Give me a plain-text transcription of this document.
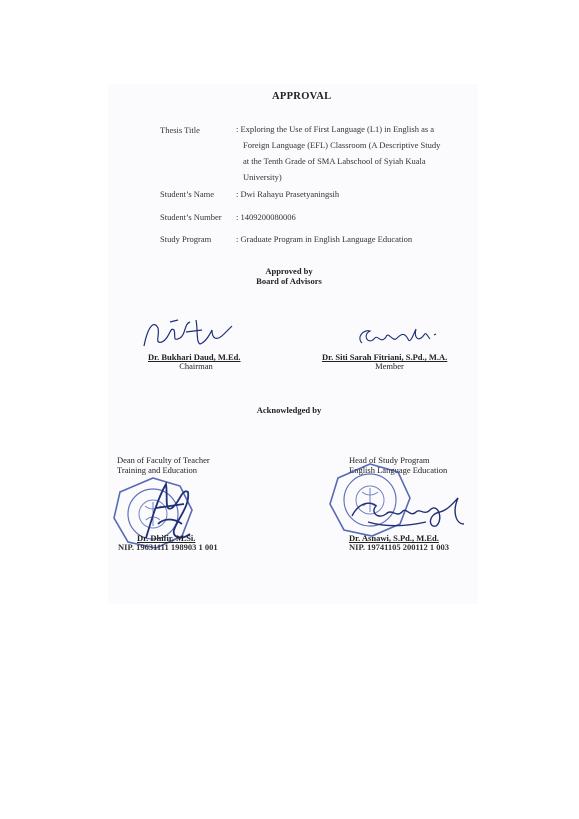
APPROVAL
Thesis Title	: Exploring the Use of First Language (L1) in English as a
Foreign Language (EFL) Classroom (A Descriptive Study
at the Tenth Grade of SMA Labschool of Syiah Kuala
University)
Student’s Name	: Dwi Rahayu Prasetyaningsih
Student’s Number : 1409200080006
Study Program	: Graduate Program in English Language Education
Approved by
Board of Advisors
Dr. Bukhari Daud, M.Ed.
Chairman
Dr. Siti Sarah Fitriani, S.Pd., M.A.
Member
Acknowledged by
Dean of Faculty of Teacher
Training and Education
Dr. Dhifir, M.Si.
NIP. 19631111 198903 1 001
Head of Study Program
English Language Education
Dr. Asnawi, S.Pd., M.Ed.
NIP. 19741105 200112 1 003
